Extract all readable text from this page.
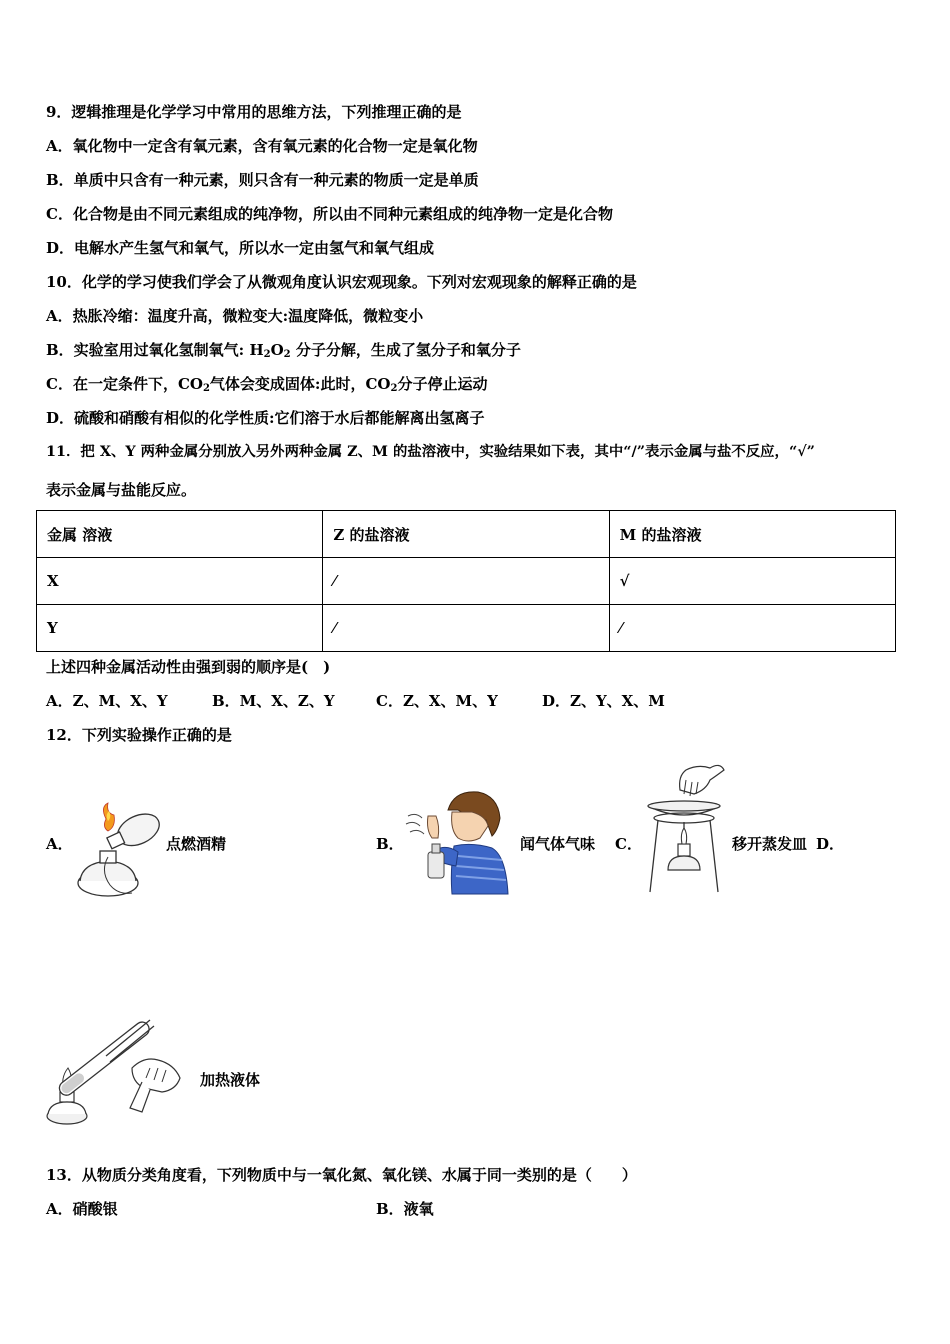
9．逻辑推理是化学学习中常用的思维方法，下列推理正确的是
A．氧化物中一定含有氧元素，含有氧元素的化合物一定是氧化物
B．单质中只含有一种元素，则只含有一种元素的物质一定是单质
C．化合物是由不同元素组成的纯净物，所以由不同种元素组成的纯净物一定是化合物
D．电解水产生氢气和氧气，所以水一定由氢气和氧气组成
10．化学的学习使我们学会了从微观角度认识宏观现象。下列对宏观现象的解释正确的是
A．热胀冷缩：温度升高，微粒变大:温度降低，微粒变小
B．实验室用过氧化氢制氧气: $H_2O_2$ 分子分解，生成了氢分子和氧分子
C．在一定条件下，$CO_2$气体会变成固体:此时，$CO_2$分子停止运动
D．硫酸和硝酸有相似的化学性质:它们溶于水后都能解离出氢离子
11．把 X、Y 两种金属分别放入另外两种金属 Z、M 的盐溶液中，实验结果如下表，其中“/”表示金属与盐不反应，“√”
表示金属与盐能反应。
金属 溶液	Z 的盐溶液	M 的盐溶液
X	⁄	√
Y	⁄	⁄
上述四种金属活动性由强到弱的顺序是(　)
A．Z、M、X、Y	B．M、X、Z、Y	C．Z、X、M、Y	D．Z、Y、X、M
12．下列实验操作正确的是
A．	点燃酒精	B．	闻气体气味 C．	移开蒸发皿 D．
加热液体
13．从物质分类角度看，下列物质中与一氧化氮、氧化镁、水属于同一类别的是（　　）
A．硝酸银	B．液氧
